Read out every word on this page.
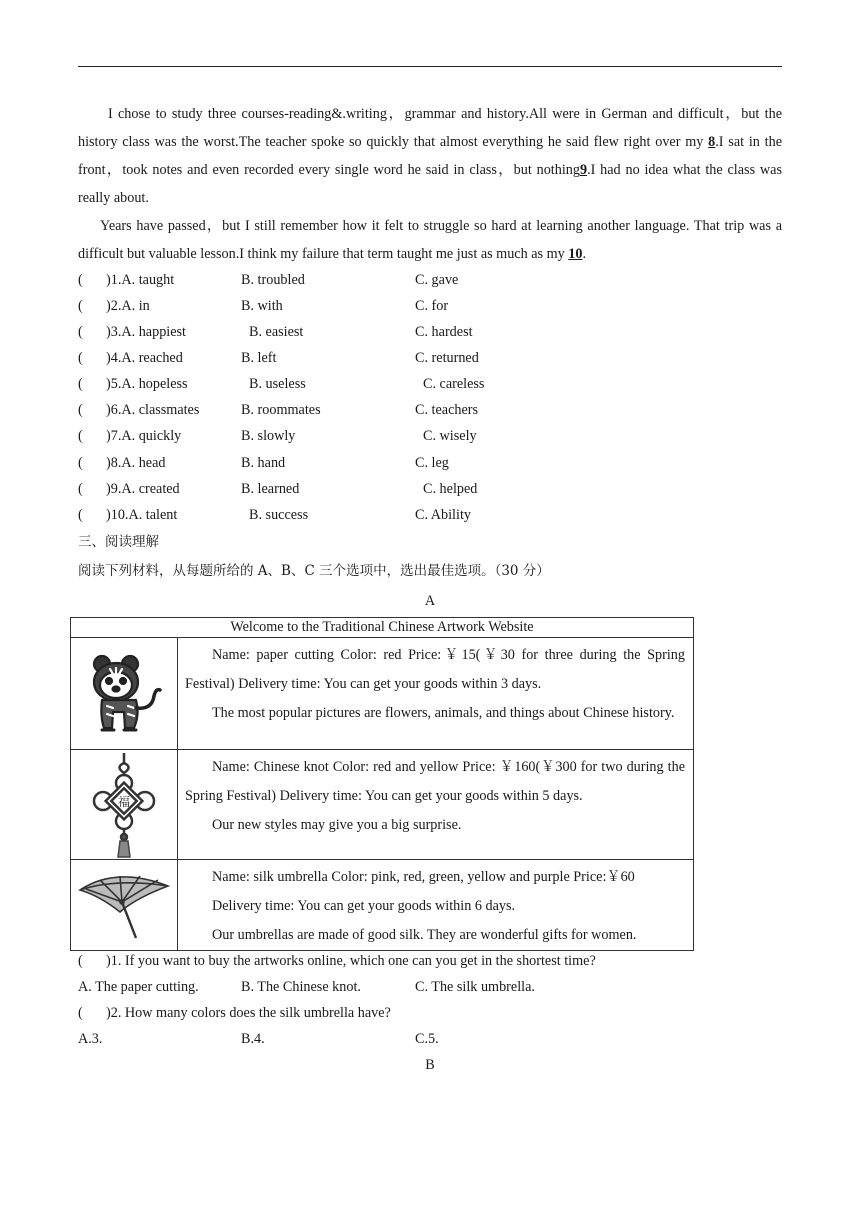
I chose to study three courses-reading&.writing，grammar and history.All were in German and difficult，but the history class was the worst.The teacher spoke so quickly that almost everything he said flew right over my 8.I sat in the front，took notes and even recorded every single word he said in class，but nothing9.I had no idea what the class was really about.
Years have passed，but I still remember how it felt to struggle so hard at learning another language. That trip was a difficult but valuable lesson.I think my failure that term taught me just as much as my 10.
( )1.A. taught	B. troubled	C. gave
( )2.A. in	B. with	C. for
( )3.A. happiest	B. easiest	C. hardest
( )4.A. reached	B. left	C. returned
( )5.A. hopeless	B. useless	C. careless
( )6.A. classmates	B. roommates	C. teachers
( )7.A. quickly	B. slowly	C. wisely
( )8.A. head	B. hand	C. leg
( )9.A. created	B. learned	C. helped
( )10.A. talent	B. success	C. Ability
三、阅读理解
阅读下列材料，从每题所给的 A、B、C 三个选项中，选出最佳选项。（30 分）
A
Welcome to the Traditional Chinese Artwork Website	

Name: paper cutting Color: red Price:￥15(￥30 for three during the Spring Festival) Delivery time: You can get your goods within 3 days.
The most popular pictures are flowers, animals, and things about Chinese history.

福	Name: Chinese knot Color: red and yellow Price: ￥160(￥300 for two during the Spring Festival) Delivery time: You can get your goods within 5 days.
Our new styles may give you a big surprise.

Name: silk umbrella Color: pink, red, green, yellow and purple Price:￥60
Delivery time: You can get your goods within 6 days.
Our umbrellas are made of good silk. They are wonderful gifts for women.
( )1. If you want to buy the artworks online, which one can you get in the shortest time?
A. The paper cutting.	B. The Chinese knot.	C. The silk umbrella.
( )2. How many colors does the silk umbrella have?
A.3.	B.4.	C.5.
B
